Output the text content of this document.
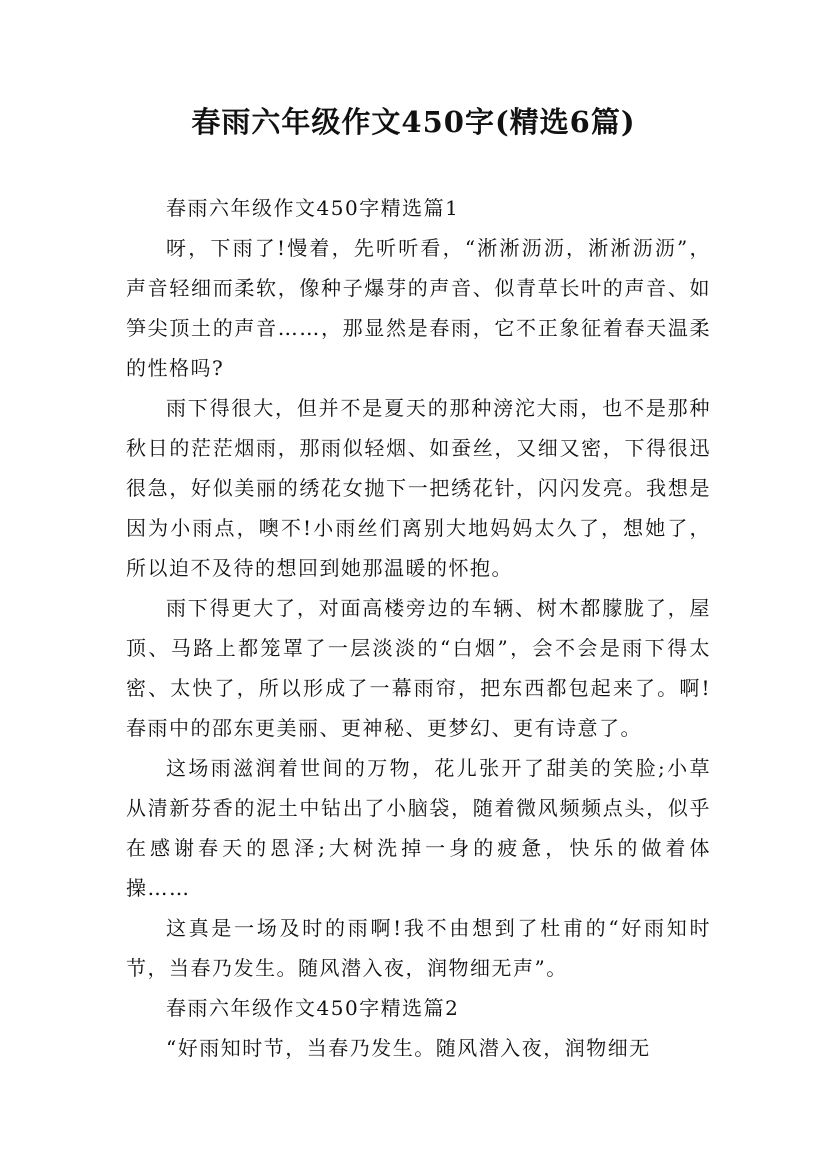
春雨六年级作文450字(精选6篇)

春雨六年级作文450字精选篇1

呀，下雨了!慢着，先听听看，“淅淅沥沥，淅淅沥沥”，声音轻细而柔软，像种子爆芽的声音、似青草长叶的声音、如笋尖顶土的声音……，那显然是春雨，它不正象征着春天温柔的性格吗?

雨下得很大，但并不是夏天的那种滂沱大雨，也不是那种秋日的茫茫烟雨，那雨似轻烟、如蚕丝，又细又密，下得很迅很急，好似美丽的绣花女抛下一把绣花针，闪闪发亮。我想是因为小雨点，噢不!小雨丝们离别大地妈妈太久了，想她了，所以迫不及待的想回到她那温暖的怀抱。

雨下得更大了，对面高楼旁边的车辆、树木都朦胧了，屋顶、马路上都笼罩了一层淡淡的“白烟”，会不会是雨下得太密、太快了，所以形成了一幕雨帘，把东西都包起来了。啊!春雨中的邵东更美丽、更神秘、更梦幻、更有诗意了。

这场雨滋润着世间的万物，花儿张开了甜美的笑脸;小草从清新芬香的泥土中钻出了小脑袋，随着微风频频点头，似乎在感谢春天的恩泽;大树洗掉一身的疲惫，快乐的做着体操……

这真是一场及时的雨啊!我不由想到了杜甫的“好雨知时节，当春乃发生。随风潜入夜，润物细无声”。

春雨六年级作文450字精选篇2

“好雨知时节，当春乃发生。随风潜入夜，润物细无
